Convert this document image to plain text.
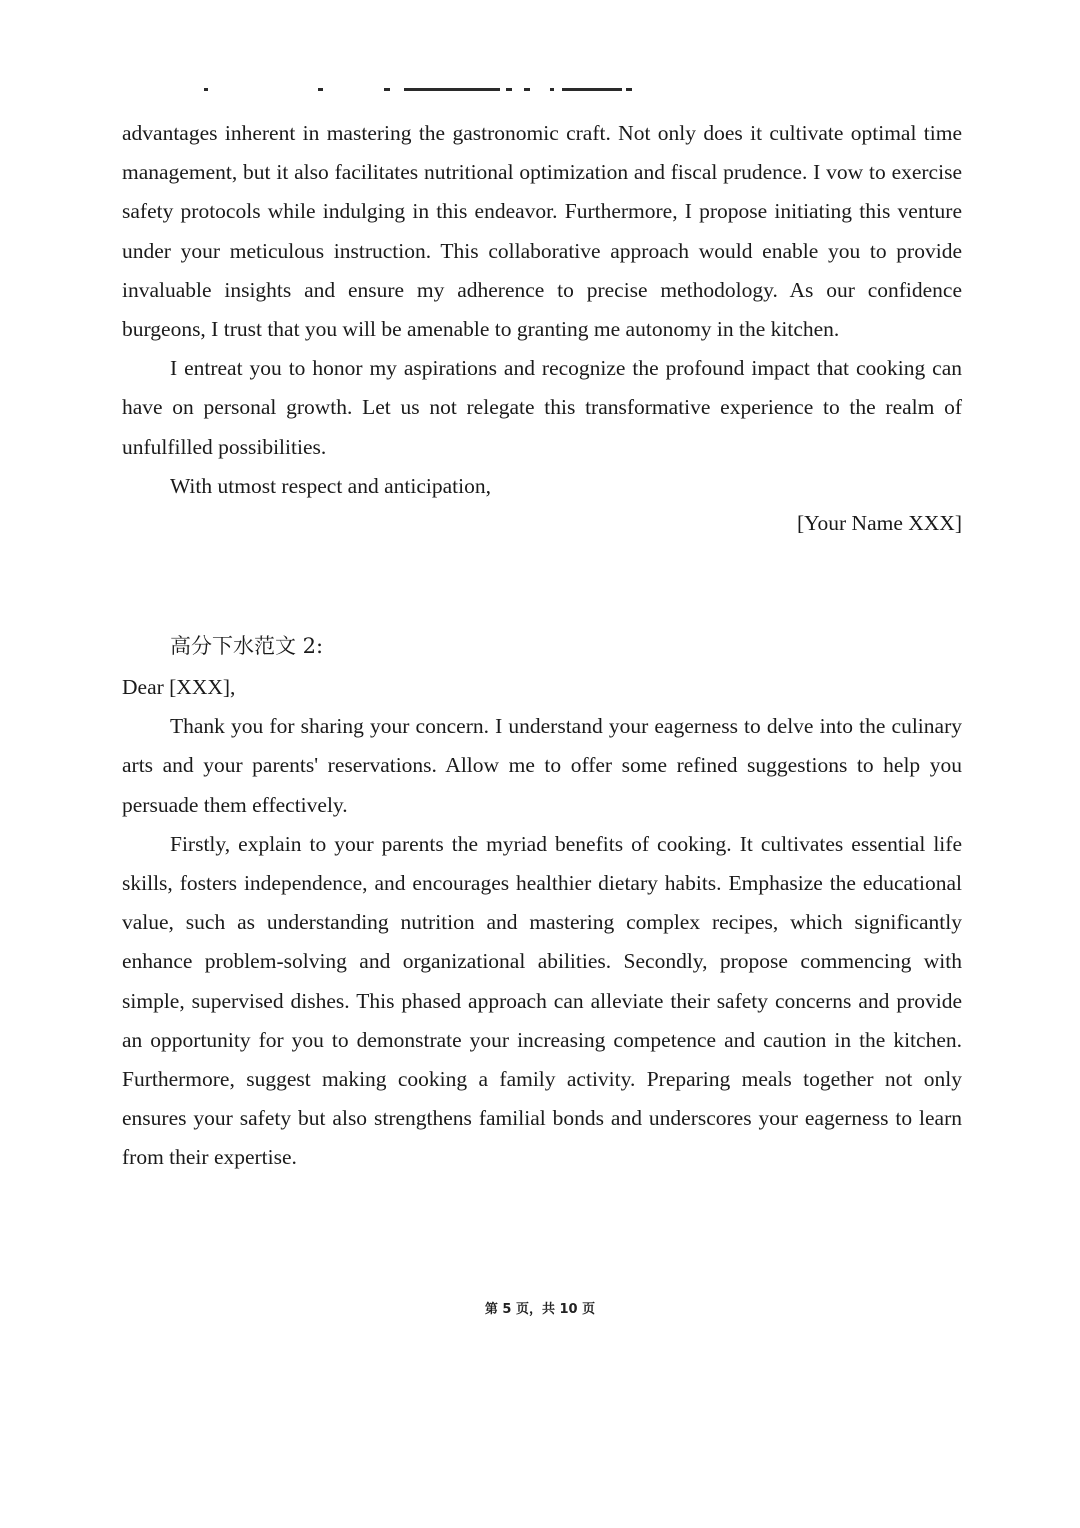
advantages inherent in mastering the gastronomic craft. Not only does it cultivate optimal time management, but it also facilitates nutritional optimization and fiscal prudence. I vow to exercise safety protocols while indulging in this endeavor. Furthermore, I propose initiating this venture under your meticulous instruction. This collaborative approach would enable you to provide invaluable insights and ensure my adherence to precise methodology. As our confidence burgeons, I trust that you will be amenable to granting me autonomy in the kitchen.

I entreat you to honor my aspirations and recognize the profound impact that cooking can have on personal growth. Let us not relegate this transformative experience to the realm of unfulfilled possibilities.

With utmost respect and anticipation,

[Your Name XXX]

高分下水范文 2:

Dear [XXX],

Thank you for sharing your concern. I understand your eagerness to delve into the culinary arts and your parents' reservations. Allow me to offer some refined suggestions to help you persuade them effectively.

Firstly, explain to your parents the myriad benefits of cooking. It cultivates essential life skills, fosters independence, and encourages healthier dietary habits. Emphasize the educational value, such as understanding nutrition and mastering complex recipes, which significantly enhance problem-solving and organizational abilities. Secondly, propose commencing with simple, supervised dishes. This phased approach can alleviate their safety concerns and provide an opportunity for you to demonstrate your increasing competence and caution in the kitchen. Furthermore, suggest making cooking a family activity. Preparing meals together not only ensures your safety but also strengthens familial bonds and underscores your eagerness to learn from their expertise.

第 5 页，共 10 页
